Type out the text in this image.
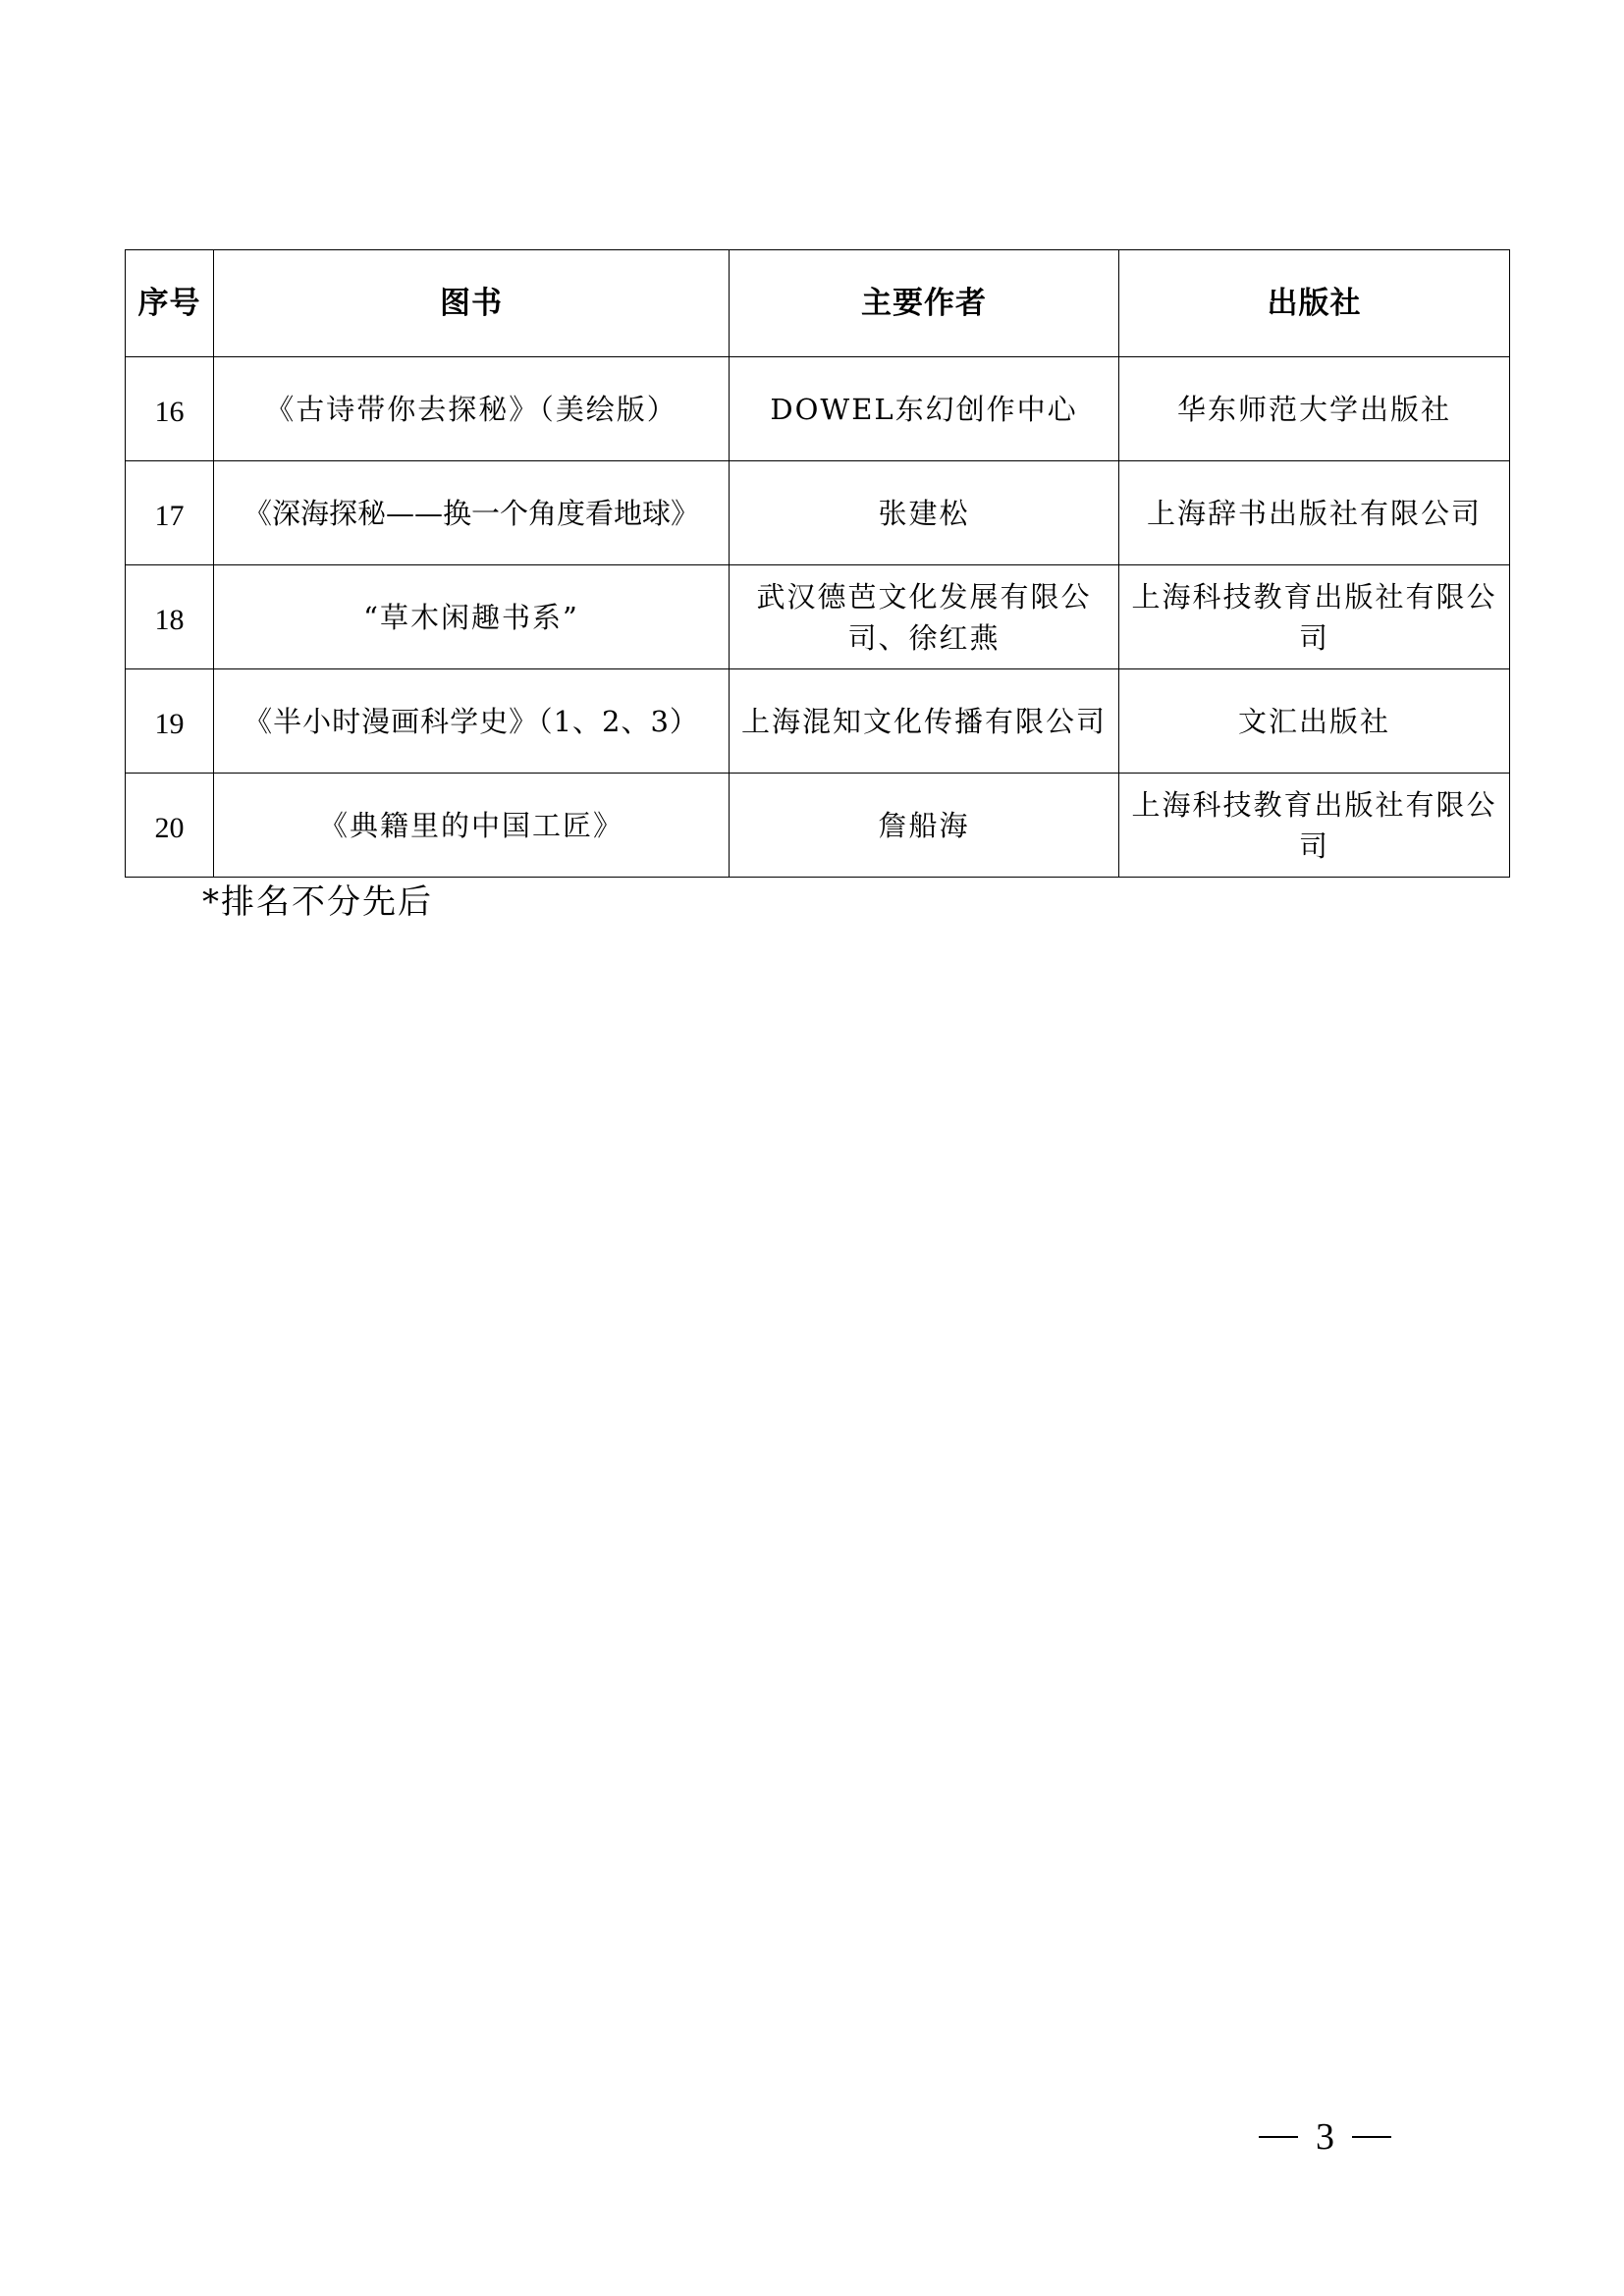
序号	图书	主要作者	出版社
16	《古诗带你去探秘》（美绘版）	DOWEL东幻创作中心	华东师范大学出版社
17	《深海探秘——换一个角度看地球》	张建松	上海辞书出版社有限公司
18	“草木闲趣书系”	武汉德芭文化发展有限公司、徐红燕	上海科技教育出版社有限公司
19	《半小时漫画科学史》（1、2、3）	上海混知文化传播有限公司	文汇出版社
20	《典籍里的中国工匠》	詹船海	上海科技教育出版社有限公司
*排名不分先后
3
